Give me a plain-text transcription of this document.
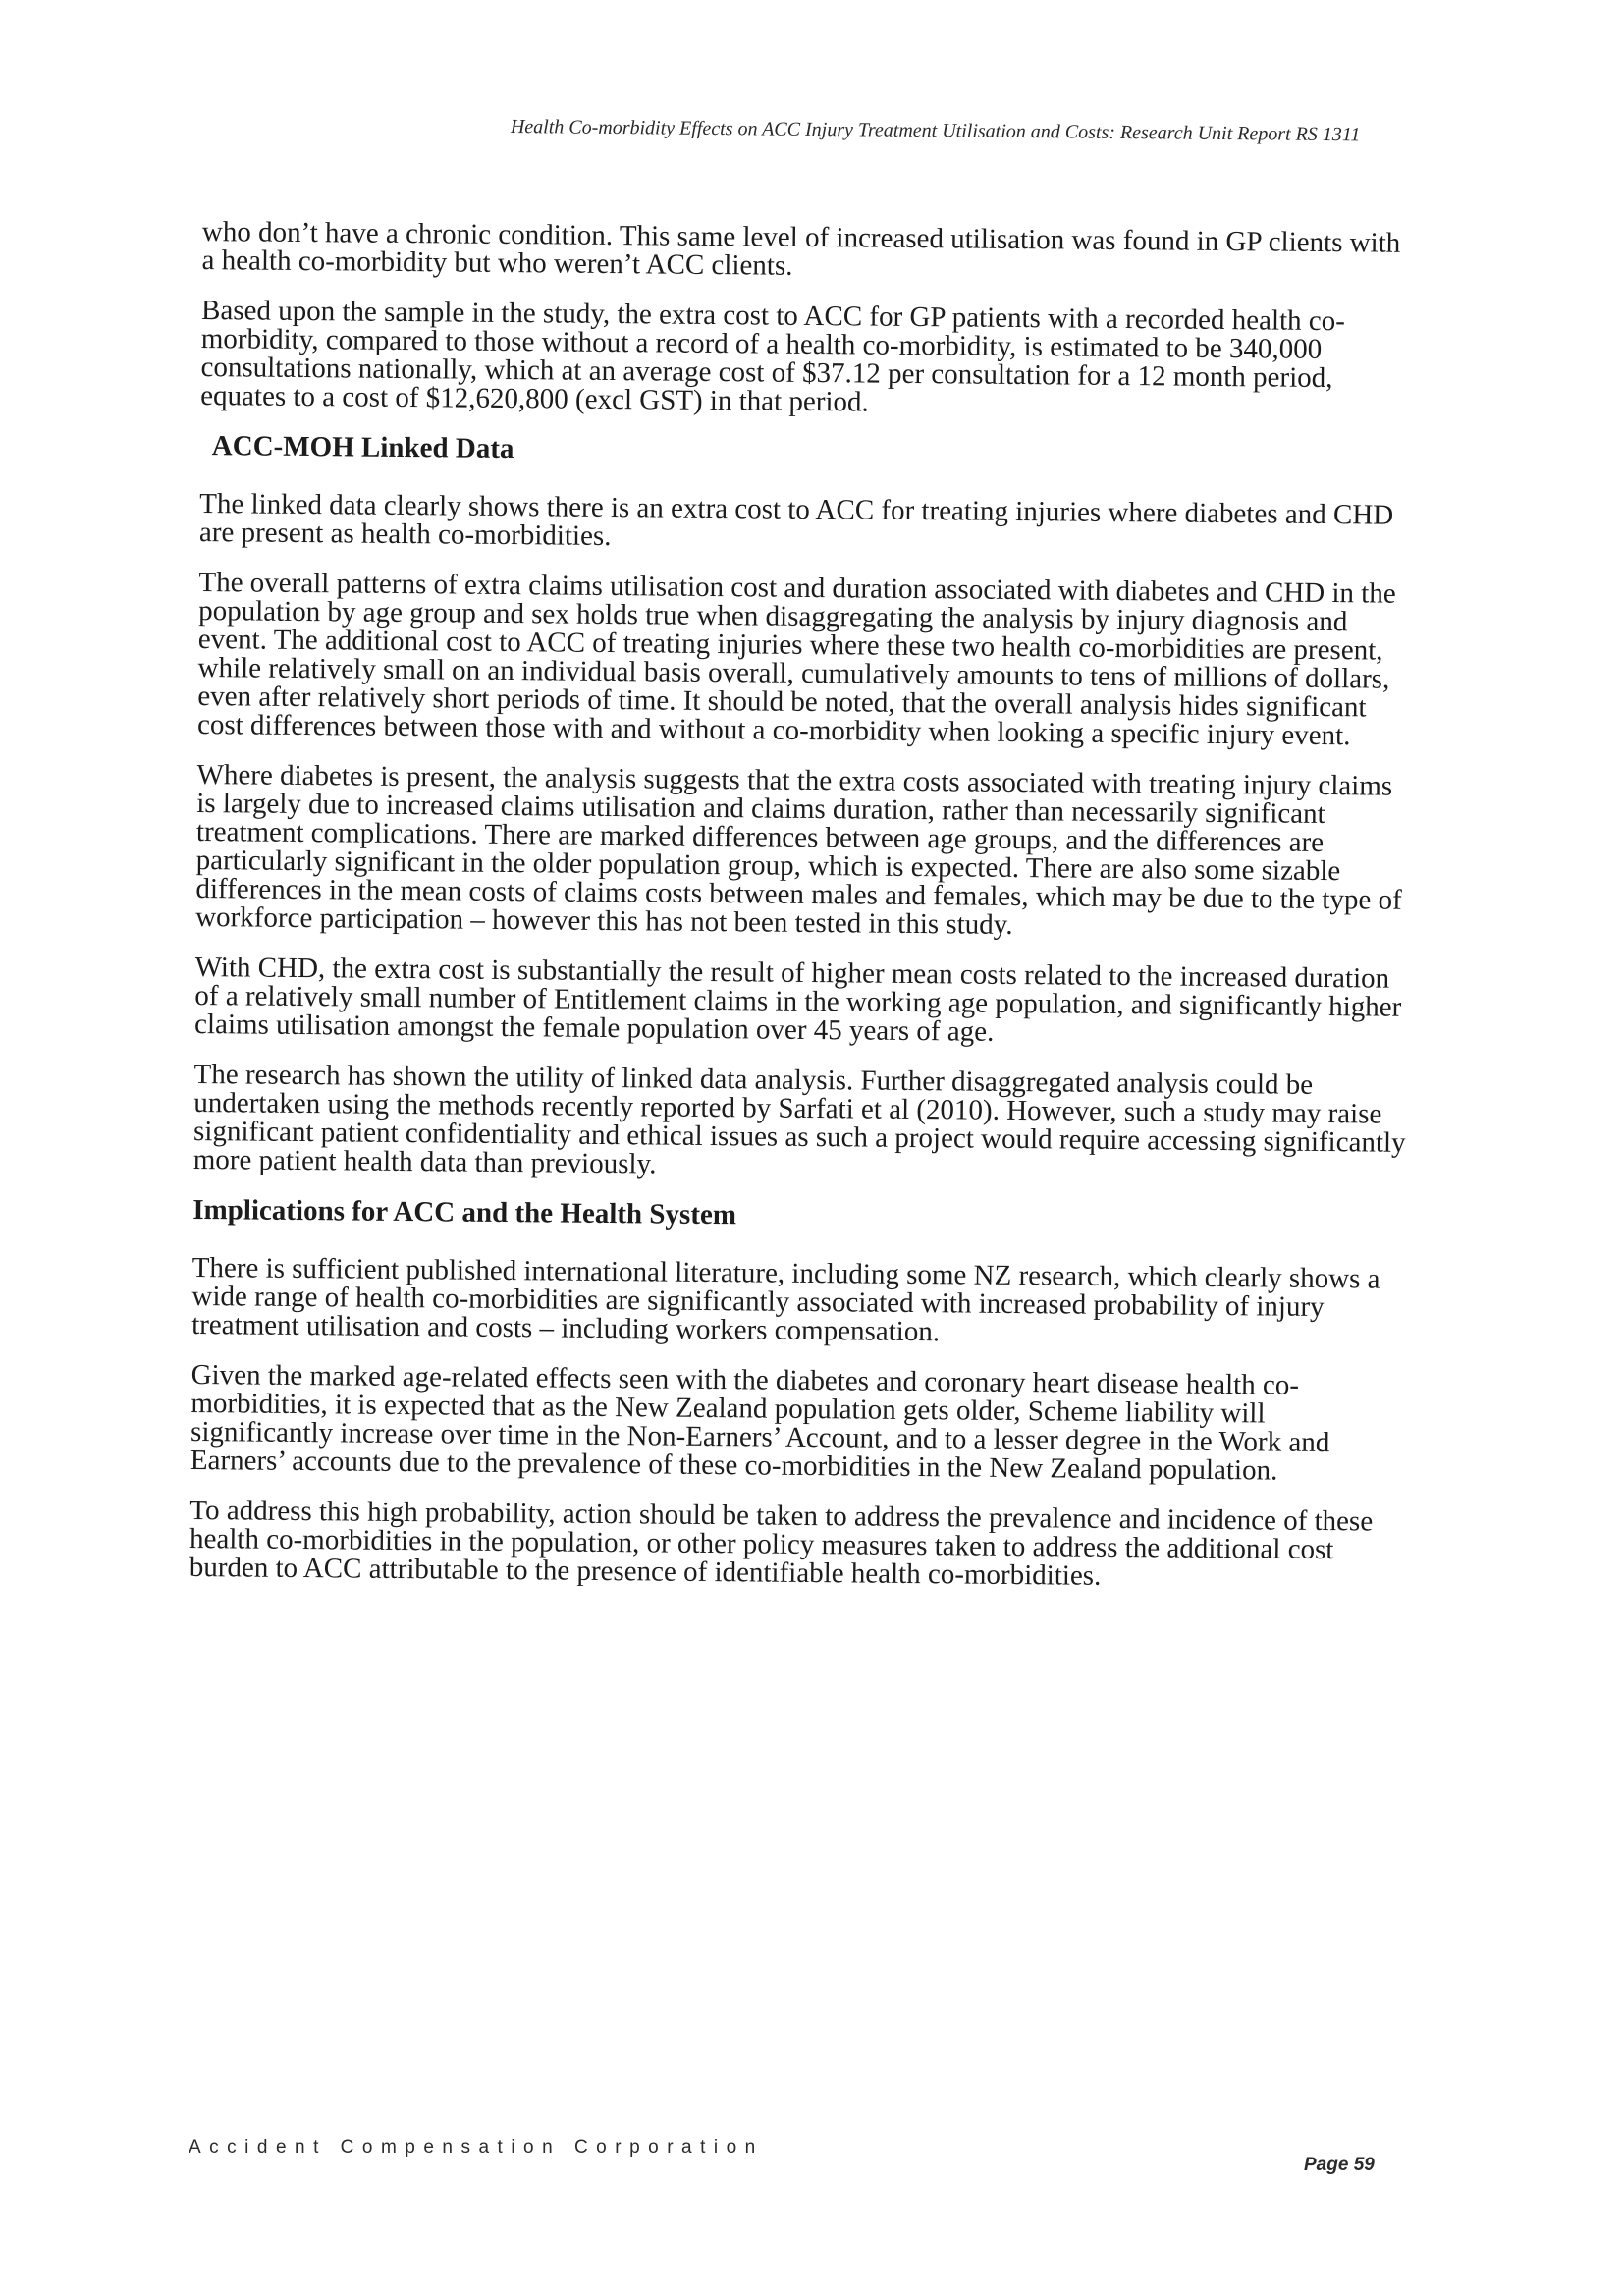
Health Co-morbidity Effects on ACC Injury Treatment Utilisation and Costs: Research Unit Report RS 1311

who don’t have a chronic condition. This same level of increased utilisation was found in GP clients with a health co-morbidity but who weren’t ACC clients.

Based upon the sample in the study, the extra cost to ACC for GP patients with a recorded health co-morbidity, compared to those without a record of a health co-morbidity, is estimated to be 340,000 consultations nationally, which at an average cost of $37.12 per consultation for a 12 month period, equates to a cost of $12,620,800 (excl GST) in that period.

ACC-MOH Linked Data

The linked data clearly shows there is an extra cost to ACC for treating injuries where diabetes and CHD are present as health co-morbidities.

The overall patterns of extra claims utilisation cost and duration associated with diabetes and CHD in the population by age group and sex holds true when disaggregating the analysis by injury diagnosis and event. The additional cost to ACC of treating injuries where these two health co-morbidities are present, while relatively small on an individual basis overall, cumulatively amounts to tens of millions of dollars, even after relatively short periods of time. It should be noted, that the overall analysis hides significant cost differences between those with and without a co-morbidity when looking a specific injury event.

Where diabetes is present, the analysis suggests that the extra costs associated with treating injury claims is largely due to increased claims utilisation and claims duration, rather than necessarily significant treatment complications. There are marked differences between age groups, and the differences are particularly significant in the older population group, which is expected. There are also some sizable differences in the mean costs of claims costs between males and females, which may be due to the type of workforce participation – however this has not been tested in this study.

With CHD, the extra cost is substantially the result of higher mean costs related to the increased duration of a relatively small number of Entitlement claims in the working age population, and significantly higher claims utilisation amongst the female population over 45 years of age.

The research has shown the utility of linked data analysis. Further disaggregated analysis could be undertaken using the methods recently reported by Sarfati et al (2010). However, such a study may raise significant patient confidentiality and ethical issues as such a project would require accessing significantly more patient health data than previously.

Implications for ACC and the Health System

There is sufficient published international literature, including some NZ research, which clearly shows a wide range of health co-morbidities are significantly associated with increased probability of injury treatment utilisation and costs – including workers compensation.

Given the marked age-related effects seen with the diabetes and coronary heart disease health co-morbidities, it is expected that as the New Zealand population gets older, Scheme liability will significantly increase over time in the Non-Earners’ Account, and to a lesser degree in the Work and Earners’ accounts due to the prevalence of these co-morbidities in the New Zealand population.

To address this high probability, action should be taken to address the prevalence and incidence of these health co-morbidities in the population, or other policy measures taken to address the additional cost burden to ACC attributable to the presence of identifiable health co-morbidities.

Accident Compensation Corporation
Page 59
